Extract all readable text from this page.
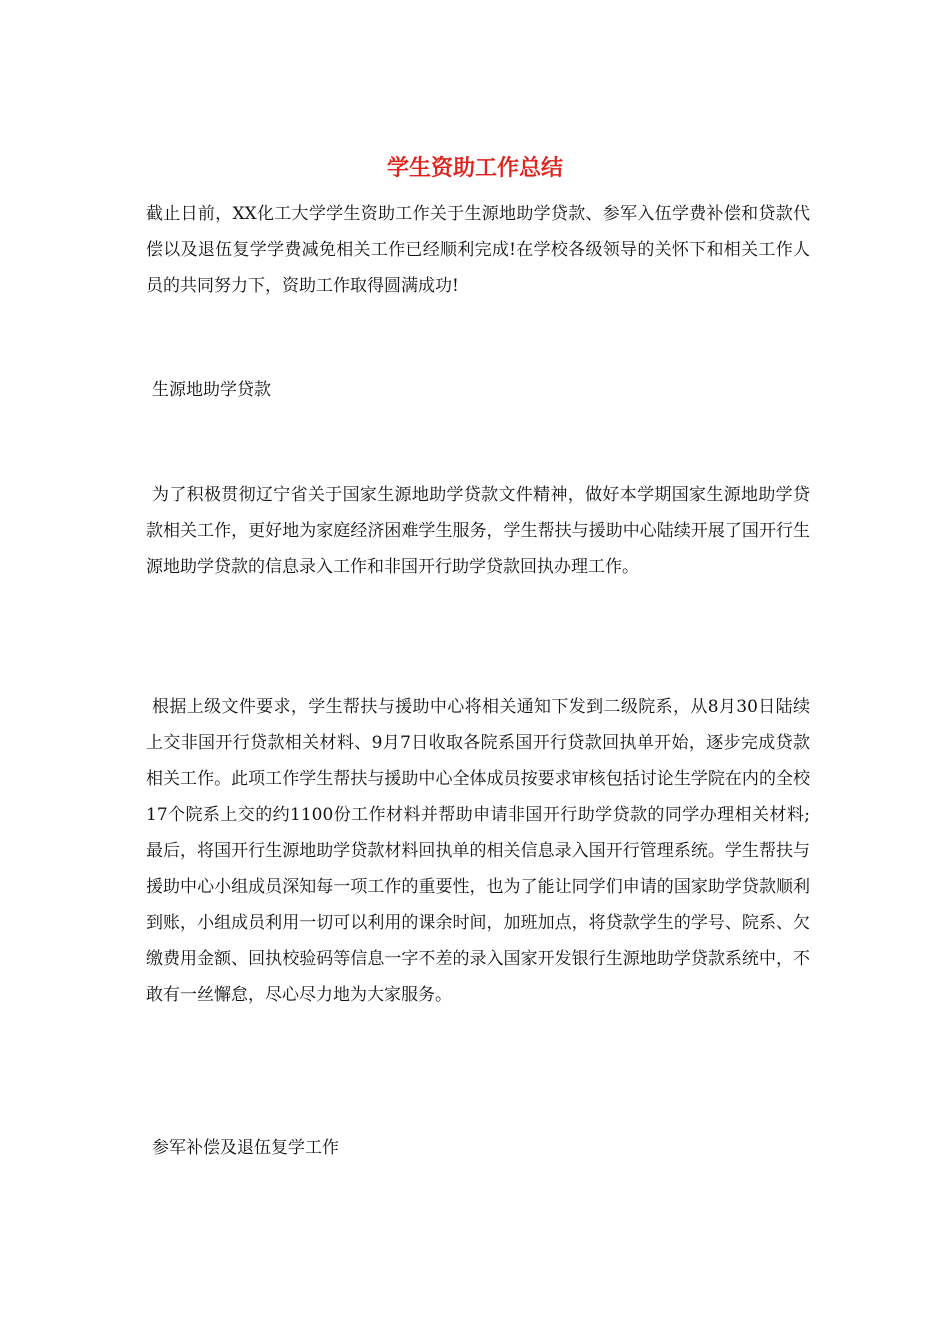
学生资助工作总结

截止日前，XX化工大学学生资助工作关于生源地助学贷款、参军入伍学费补偿和贷款代偿以及退伍复学学费减免相关工作已经顺利完成!在学校各级领导的关怀下和相关工作人员的共同努力下，资助工作取得圆满成功!

生源地助学贷款

为了积极贯彻辽宁省关于国家生源地助学贷款文件精神，做好本学期国家生源地助学贷款相关工作，更好地为家庭经济困难学生服务，学生帮扶与援助中心陆续开展了国开行生源地助学贷款的信息录入工作和非国开行助学贷款回执办理工作。

根据上级文件要求，学生帮扶与援助中心将相关通知下发到二级院系，从8月30日陆续上交非国开行贷款相关材料、9月7日收取各院系国开行贷款回执单开始，逐步完成贷款相关工作。此项工作学生帮扶与援助中心全体成员按要求审核包括讨论生学院在内的全校17个院系上交的约1100份工作材料并帮助申请非国开行助学贷款的同学办理相关材料;最后，将国开行生源地助学贷款材料回执单的相关信息录入国开行管理系统。学生帮扶与援助中心小组成员深知每一项工作的重要性，也为了能让同学们申请的国家助学贷款顺利到账，小组成员利用一切可以利用的课余时间，加班加点，将贷款学生的学号、院系、欠缴费用金额、回执校验码等信息一字不差的录入国家开发银行生源地助学贷款系统中，不敢有一丝懈怠，尽心尽力地为大家服务。

参军补偿及退伍复学工作
